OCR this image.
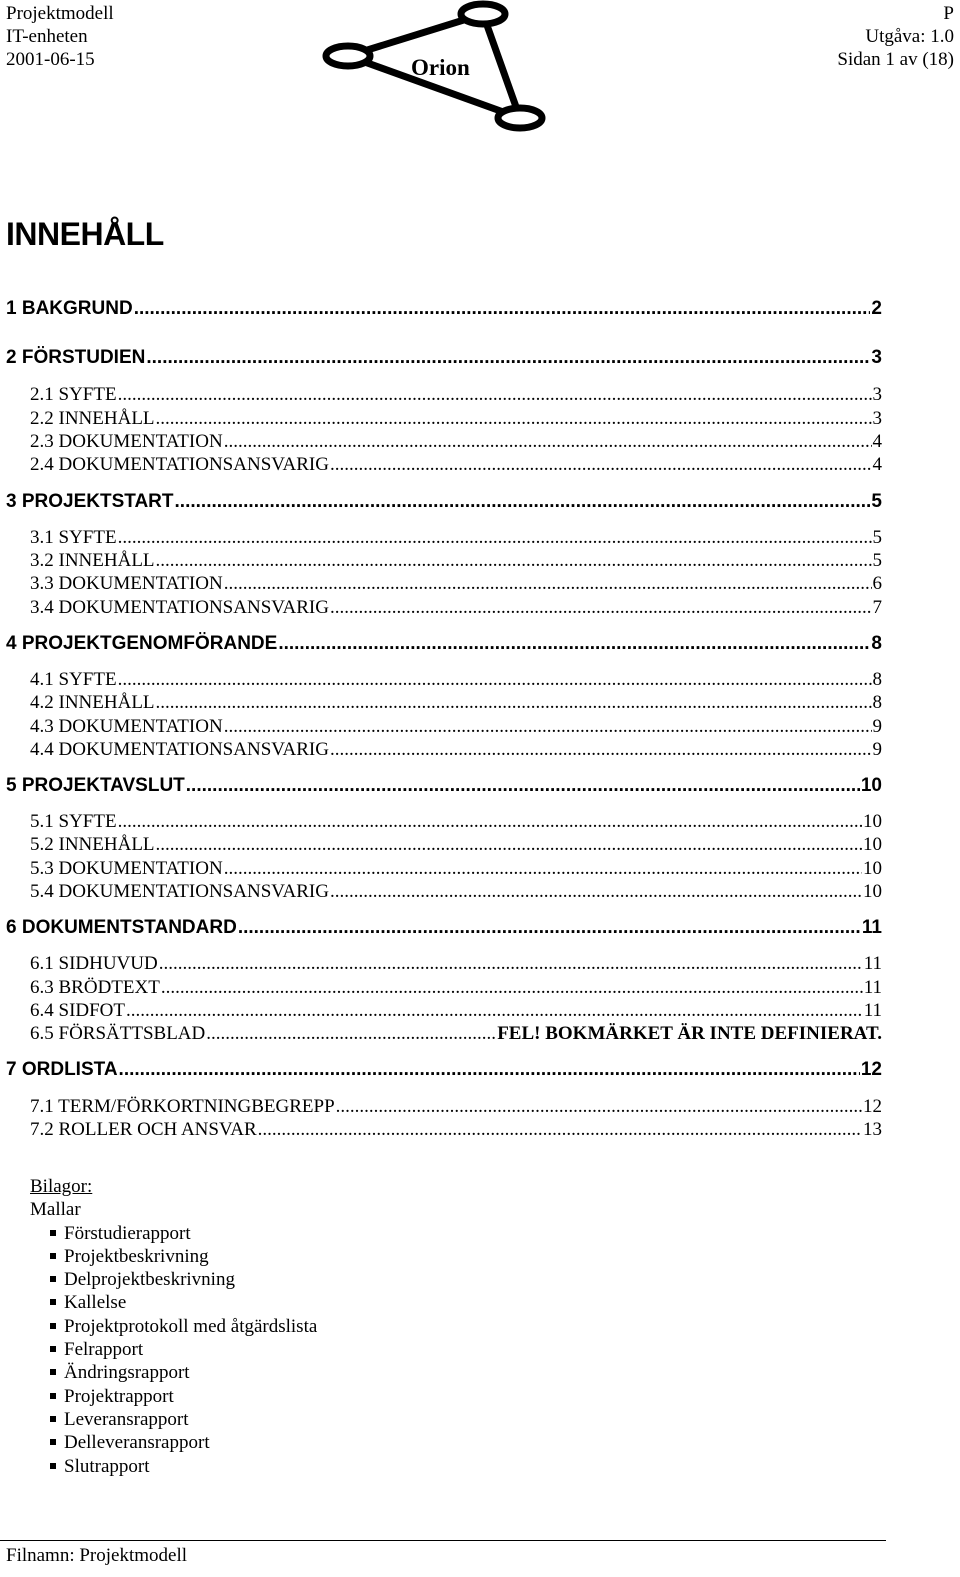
Projektmodell
IT-enheten
2001-06-15
P
Utgåva: 1.0
Sidan 1 av (18)
Orion
INNEHÅLL
1 BAKGRUND .....	2
2 FÖRSTUDIEN .....	3
2.1 SYFTE .....	3
2.2 INNEHÅLL .....	3
2.3 DOKUMENTATION .....	4
2.4 DOKUMENTATIONSANSVARIG .....	4
3 PROJEKTSTART .....	5
3.1 SYFTE .....	5
3.2 INNEHÅLL .....	5
3.3 DOKUMENTATION .....	6
3.4 DOKUMENTATIONSANSVARIG .....	7
4 PROJEKTGENOMFÖRANDE .....	8
4.1 SYFTE .....	8
4.2 INNEHÅLL .....	8
4.3 DOKUMENTATION .....	9
4.4 DOKUMENTATIONSANSVARIG .....	9
5 PROJEKTAVSLUT .....	10
5.1 SYFTE .....	10
5.2 INNEHÅLL .....	10
5.3 DOKUMENTATION .....	10
5.4 DOKUMENTATIONSANSVARIG .....	10
6 DOKUMENTSTANDARD .....	11
6.1 SIDHUVUD .....	11
6.3 BRÖDTEXT .....	11
6.4 SIDFOT .....	11
6.5 FÖRSÄTTSBLAD .....	FEL! BOKMÄRKET ÄR INTE DEFINIERAT.
7 ORDLISTA .....	12
7.1 TERM/FÖRKORTNINGBEGREPP .....	12
7.2 ROLLER OCH ANSVAR .....	13
Bilagor:
Mallar
Förstudierapport
Projektbeskrivning
Delprojektbeskrivning
Kallelse
Projektprotokoll med åtgärdslista
Felrapport
Ändringsrapport
Projektrapport
Leveransrapport
Delleveransrapport
Slutrapport
Filnamn: Projektmodell
